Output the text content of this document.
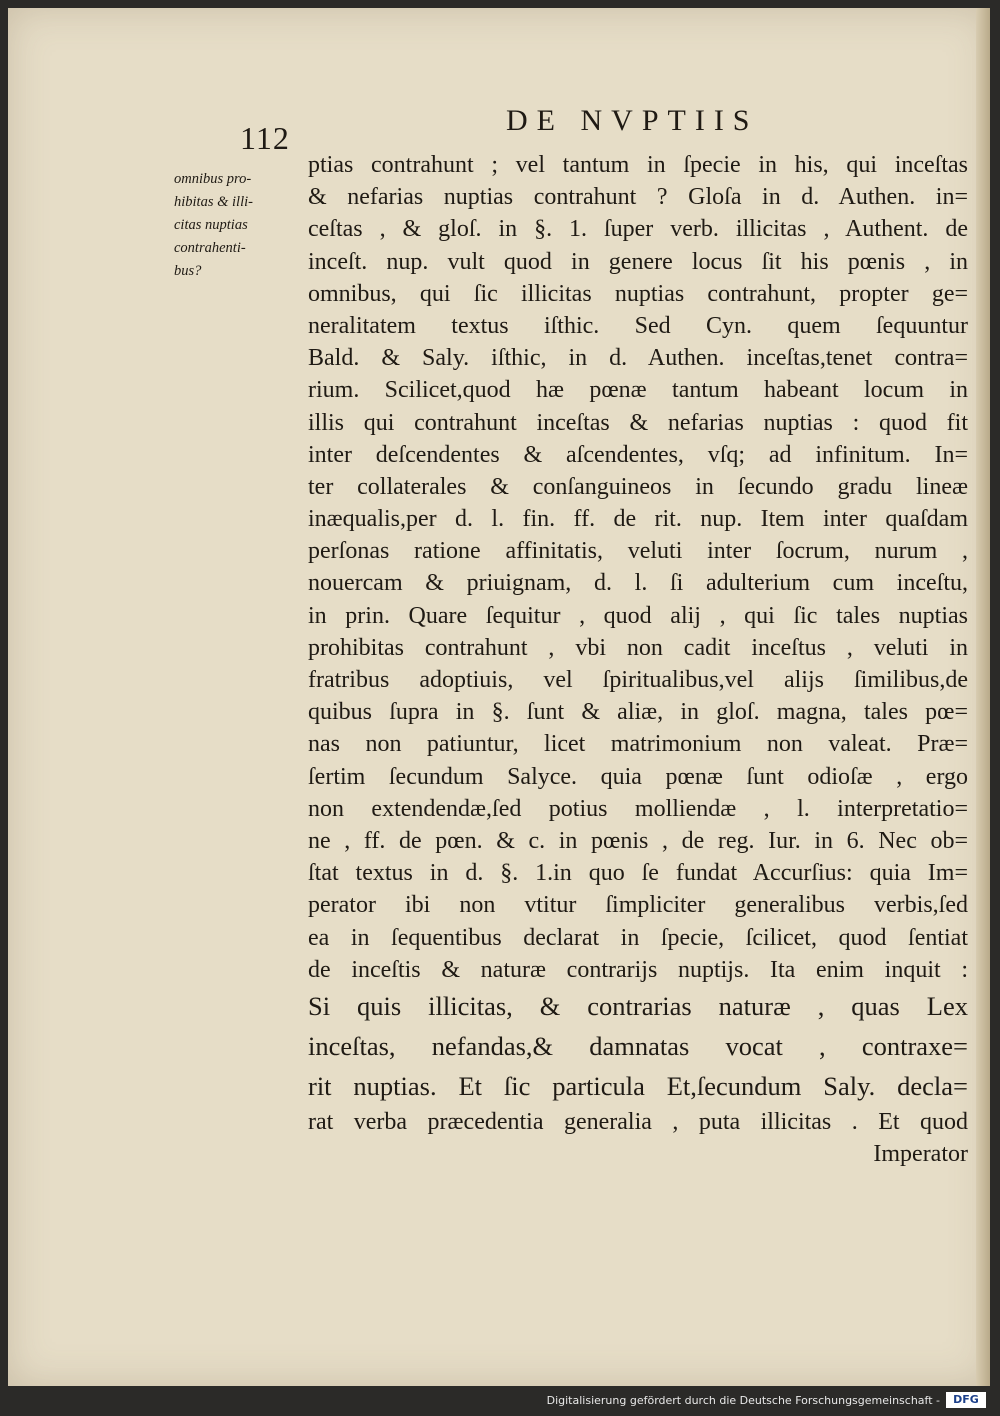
112	DE NVPTIIS
omnibus pro-
hibitas & illi-
citas nuptias
contrahenti-
bus?
ptias contrahunt ; vel tantum in ſpecie in his, qui inceſtas
& nefarias nuptias contrahunt ? Gloſa in d. Authen. in=
ceſtas , & gloſ. in §. 1. ſuper verb. illicitas , Authent. de
inceſt. nup. vult quod in genere locus ſit his pœnis , in
omnibus, qui ſic illicitas nuptias contrahunt, propter ge=
neralitatem textus iſthic. Sed Cyn. quem ſequuntur
Bald. & Saly. iſthic, in d. Authen. inceſtas,tenet contra=
rium. Scilicet,quod hæ pœnæ tantum habeant locum in
illis qui contrahunt inceſtas & nefarias nuptias : quod fit
inter deſcendentes & aſcendentes, vſq; ad infinitum. In=
ter collaterales & conſanguineos in ſecundo gradu lineæ
inæqualis,per d. l. fin. ff. de rit. nup. Item inter quaſdam
perſonas ratione affinitatis, veluti inter ſocrum, nurum ,
nouercam & priuignam, d. l. ſi adulterium cum inceſtu,
in prin. Quare ſequitur , quod alij , qui ſic tales nuptias
prohibitas contrahunt , vbi non cadit inceſtus , veluti in
fratribus adoptiuis, vel ſpiritualibus,vel alijs ſimilibus,de
quibus ſupra in §. ſunt & aliæ, in gloſ. magna, tales pœ=
nas non patiuntur, licet matrimonium non valeat. Præ=
ſertim ſecundum Salyce. quia pœnæ ſunt odioſæ , ergo
non extendendæ,ſed potius molliendæ , l. interpretatio=
ne , ff. de pœn. & c. in pœnis , de reg. Iur. in 6. Nec ob=
ſtat textus in d. §. 1.in quo ſe fundat Accurſius: quia Im=
perator ibi non vtitur ſimpliciter generalibus verbis,ſed
ea in ſequentibus declarat in ſpecie, ſcilicet, quod ſentiat
de inceſtis & naturæ contrarijs nuptijs. Ita enim inquit :
Si quis illicitas, & contrarias naturæ , quas Lex
inceſtas, nefandas,& damnatas vocat , contraxe=
rit nuptias. Et ſic particula Et,ſecundum Saly. decla=
rat verba præcedentia generalia , puta illicitas . Et quod
Imperator
Digitalisierung gefördert durch die Deutsche Forschungsgemeinschaft -	DFG
